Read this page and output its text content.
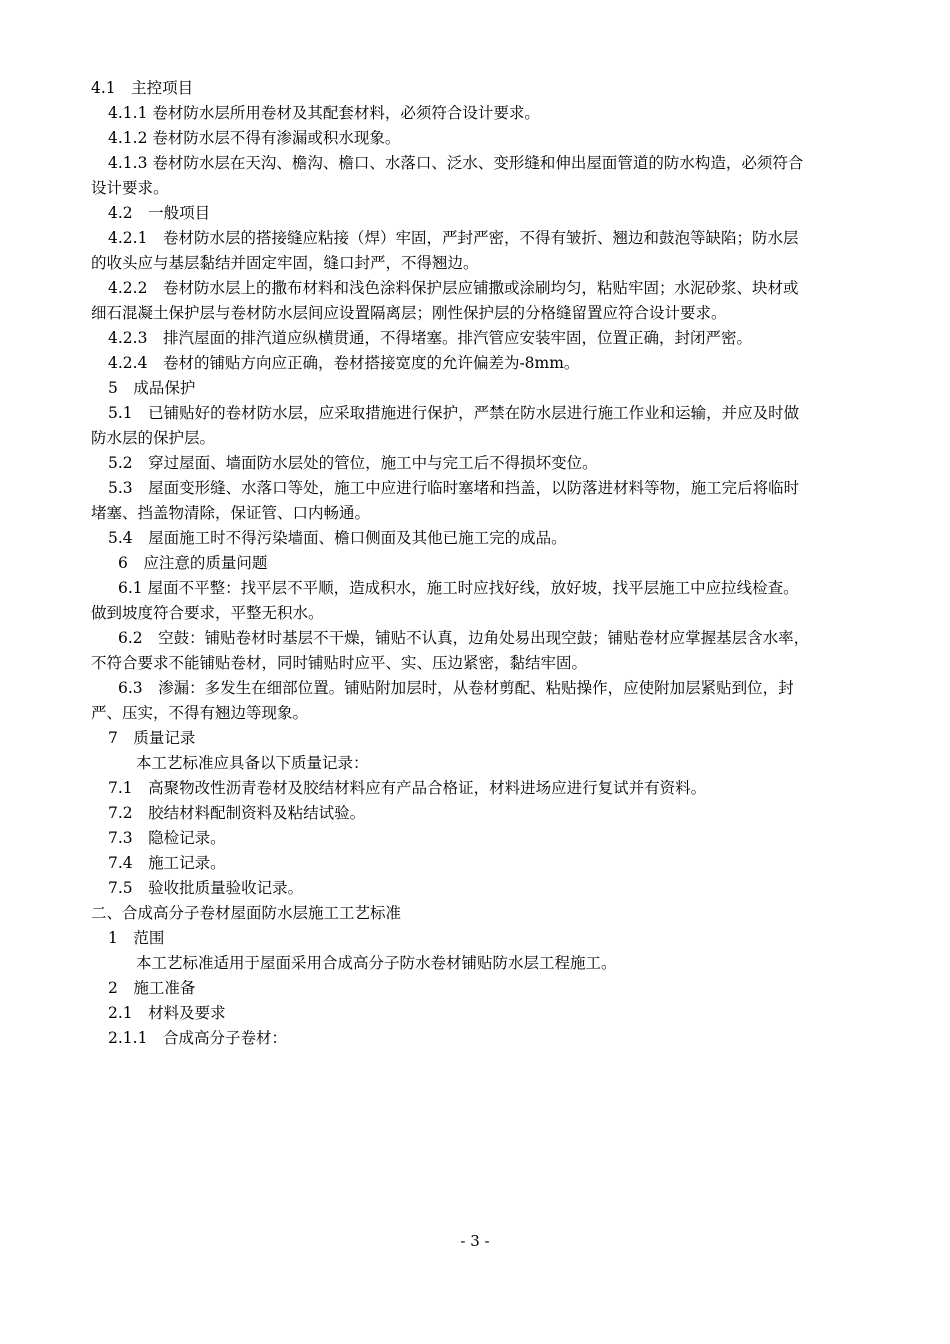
4.1　主控项目
4.1.1 卷材防水层所用卷材及其配套材料，必须符合设计要求。
4.1.2 卷材防水层不得有渗漏或积水现象。
4.1.3 卷材防水层在天沟、檐沟、檐口、水落口、泛水、变形缝和伸出屋面管道的防水构造，必须符合
设计要求。
4.2　一般项目
4.2.1　卷材防水层的搭接缝应粘接（焊）牢固，严封严密，不得有皱折、翘边和鼓泡等缺陷；防水层
的收头应与基层黏结并固定牢固，缝口封严，不得翘边。
4.2.2　卷材防水层上的撒布材料和浅色涂料保护层应铺撒或涂刷均匀，粘贴牢固；水泥砂浆、块材或
细石混凝土保护层与卷材防水层间应设置隔离层；刚性保护层的分格缝留置应符合设计要求。
4.2.3　排汽屋面的排汽道应纵横贯通，不得堵塞。排汽管应安装牢固，位置正确，封闭严密。
4.2.4　卷材的铺贴方向应正确，卷材搭接宽度的允许偏差为-8mm。
5　成品保护
5.1　已铺贴好的卷材防水层，应采取措施进行保护，严禁在防水层进行施工作业和运输，并应及时做
防水层的保护层。
5.2　穿过屋面、墙面防水层处的管位，施工中与完工后不得损坏变位。
5.3　屋面变形缝、水落口等处，施工中应进行临时塞堵和挡盖，以防落进材料等物，施工完后将临时
堵塞、挡盖物清除，保证管、口内畅通。
5.4　屋面施工时不得污染墙面、檐口侧面及其他已施工完的成品。
6　应注意的质量问题
6.1 屋面不平整：找平层不平顺，造成积水，施工时应找好线，放好坡，找平层施工中应拉线检查。
做到坡度符合要求，平整无积水。
6.2　空鼓：铺贴卷材时基层不干燥，铺贴不认真，边角处易出现空鼓；铺贴卷材应掌握基层含水率，
不符合要求不能铺贴卷材，同时铺贴时应平、实、压边紧密，黏结牢固。
6.3　渗漏：多发生在细部位置。铺贴附加层时，从卷材剪配、粘贴操作，应使附加层紧贴到位，封
严、压实，不得有翘边等现象。
7　质量记录
本工艺标准应具备以下质量记录：
7.1　高聚物改性沥青卷材及胶结材料应有产品合格证，材料进场应进行复试并有资料。
7.2　胶结材料配制资料及粘结试验。
7.3　隐检记录。
7.4　施工记录。
7.5　验收批质量验收记录。
二、合成高分子卷材屋面防水层施工工艺标准
1　范围
本工艺标准适用于屋面采用合成高分子防水卷材铺贴防水层工程施工。
2　施工准备
2.1　材料及要求
2.1.1　合成高分子卷材：
- 3 -
